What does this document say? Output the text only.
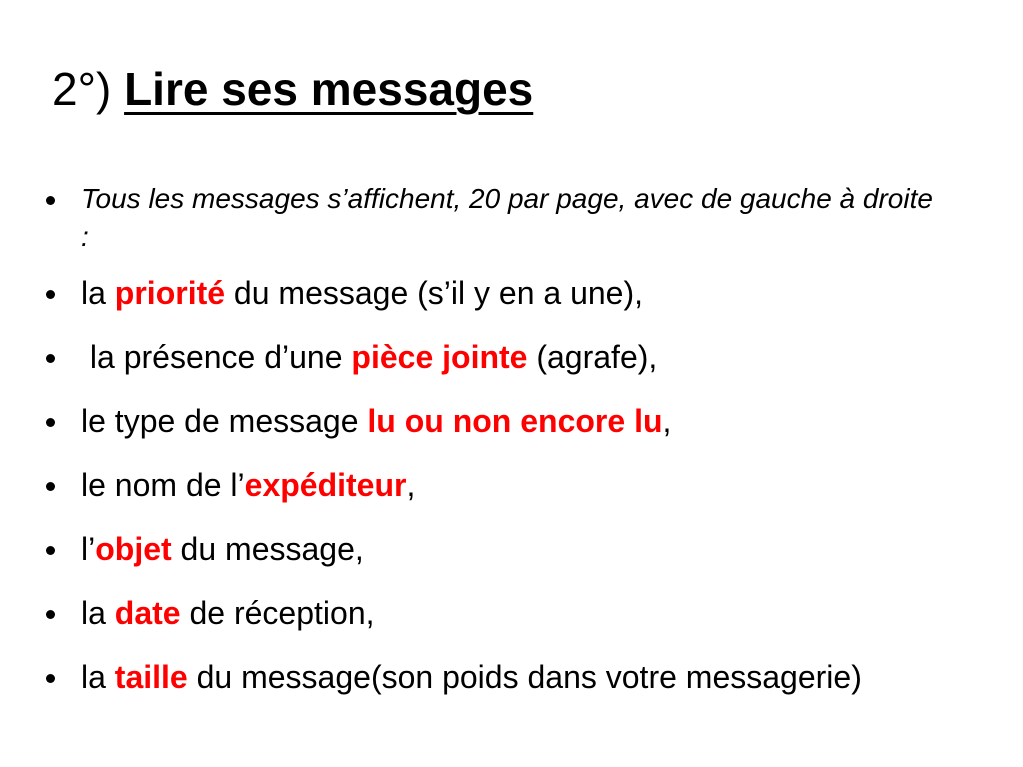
2°) Lire ses messages
Tous les messages s’affichent, 20 par page, avec de gauche à droite :
la priorité du message (s’il y en a une),
la présence d’une pièce jointe (agrafe),
le type de message lu ou non encore lu,
le nom de l’expéditeur,
l’objet du message,
la date de réception,
la taille du message(son poids dans votre messagerie)
